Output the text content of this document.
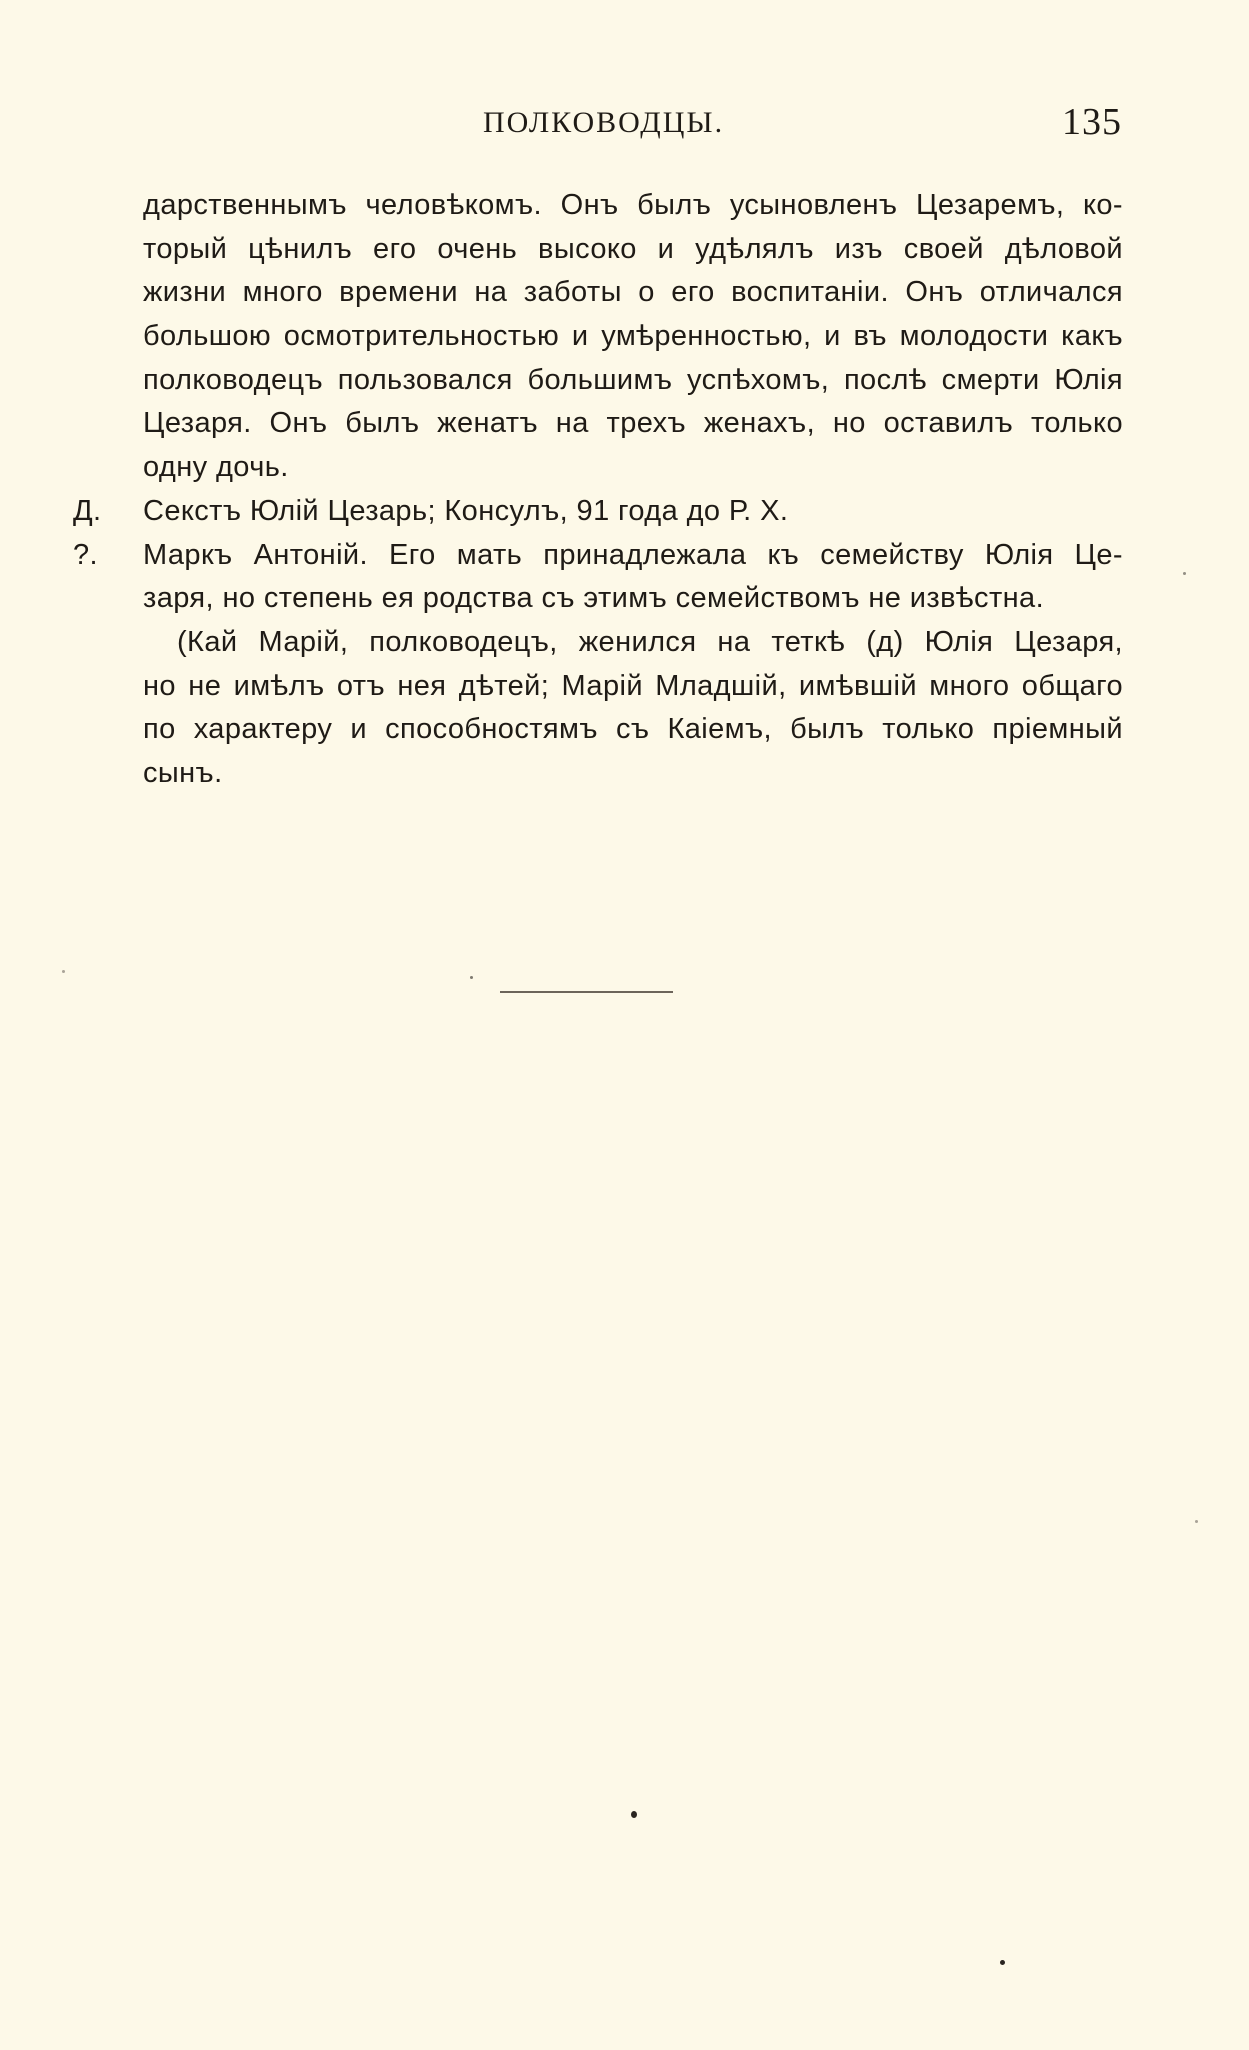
ПОЛКОВОДЦЫ.	135
дарственнымъ человѣкомъ. Онъ былъ усыновленъ Цезаремъ, ко-
торый цѣнилъ его очень высоко и удѣлялъ изъ своей дѣловой
жизни много времени на заботы о его воспитаніи. Онъ отличался
большою осмотрительностью и умѣренностью, и въ молодости какъ
полководецъ пользовался большимъ успѣхомъ, послѣ смерти Юлія
Цезаря. Онъ былъ женатъ на трехъ женахъ, но оставилъ только
одну дочь.
Д.	Секстъ Юлій Цезарь; Консулъ, 91 года до Р. Х.
?.	Маркъ Антоній. Его мать принадлежала къ семейству Юлія Це-
заря, но степень ея родства съ этимъ семействомъ не извѣстна.
(Кай Марій, полководецъ, женился на теткѣ (д) Юлія Цезаря,
но не имѣлъ отъ нея дѣтей; Марій Младшій, имѣвшій много общаго
по характеру и способностямъ съ Каіемъ, былъ только пріемный
сынъ.
